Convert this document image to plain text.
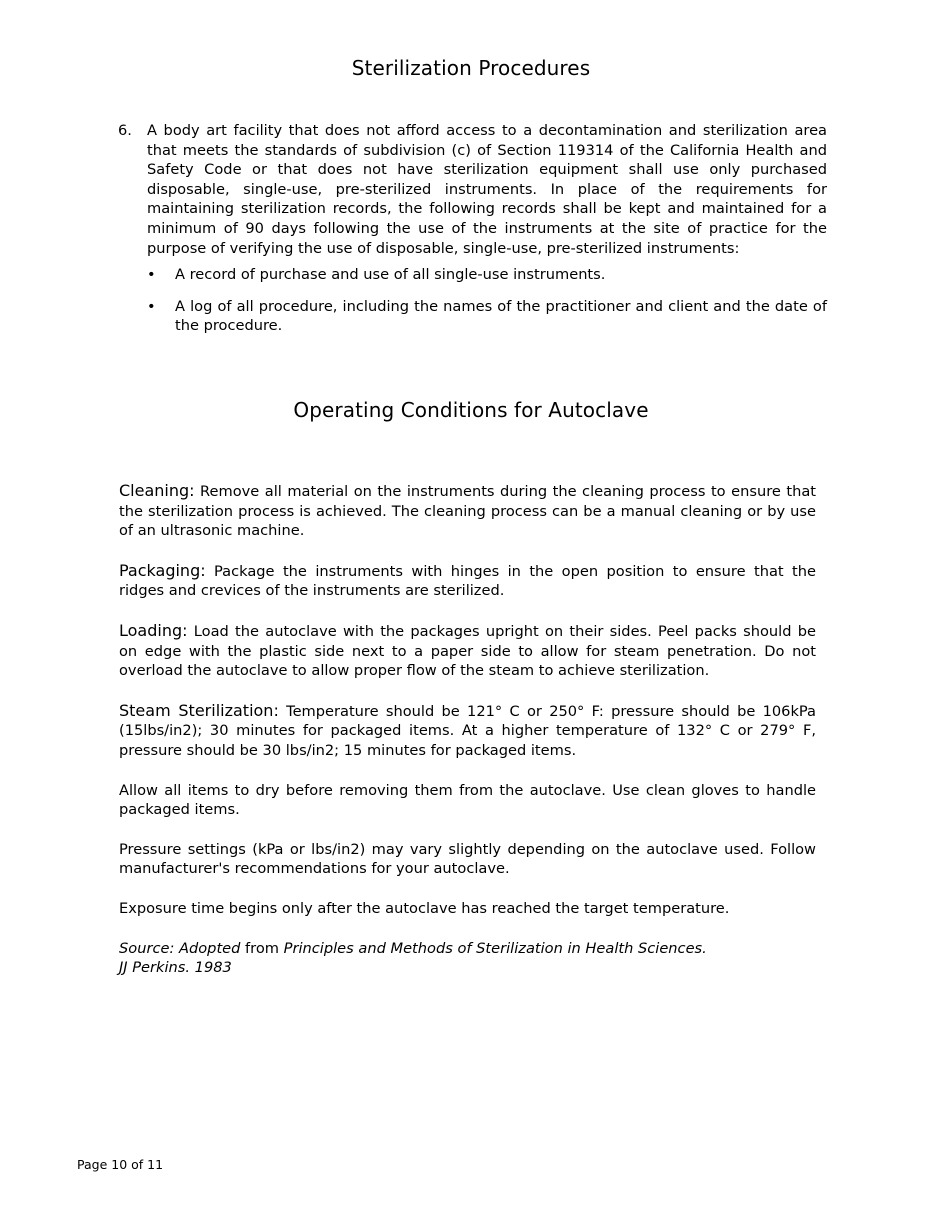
Sterilization Procedures
6. A body art facility that does not afford access to a decontamination and sterilization area that meets the standards of subdivision (c) of Section 119314 of the California Health and Safety Code or that does not have sterilization equipment shall use only purchased disposable, single-use, pre-sterilized instruments. In place of the requirements for maintaining sterilization records, the following records shall be kept and maintained for a minimum of 90 days following the use of the instruments at the site of practice for the purpose of verifying the use of disposable, single-use, pre-sterilized instruments:
• A record of purchase and use of all single-use instruments.
• A log of all procedure, including the names of the practitioner and client and the date of the procedure.
Operating Conditions for Autoclave

Cleaning: Remove all material on the instruments during the cleaning process to ensure that the sterilization process is achieved. The cleaning process can be a manual cleaning or by use of an ultrasonic machine.

Packaging: Package the instruments with hinges in the open position to ensure that the ridges and crevices of the instruments are sterilized.

Loading: Load the autoclave with the packages upright on their sides. Peel packs should be on edge with the plastic side next to a paper side to allow for steam penetration. Do not overload the autoclave to allow proper flow of the steam to achieve sterilization.

Steam Sterilization: Temperature should be 121° C or 250° F: pressure should be 106kPa (15lbs/in2); 30 minutes for packaged items. At a higher temperature of 132° C or 279° F, pressure should be 30 lbs/in2; 15 minutes for packaged items.

Allow all items to dry before removing them from the autoclave. Use clean gloves to handle packaged items.

Pressure settings (kPa or lbs/in2) may vary slightly depending on the autoclave used. Follow manufacturer's recommendations for your autoclave.

Exposure time begins only after the autoclave has reached the target temperature.

Source: Adopted from Principles and Methods of Sterilization in Health Sciences.
JJ Perkins. 1983

Page 10 of 11
